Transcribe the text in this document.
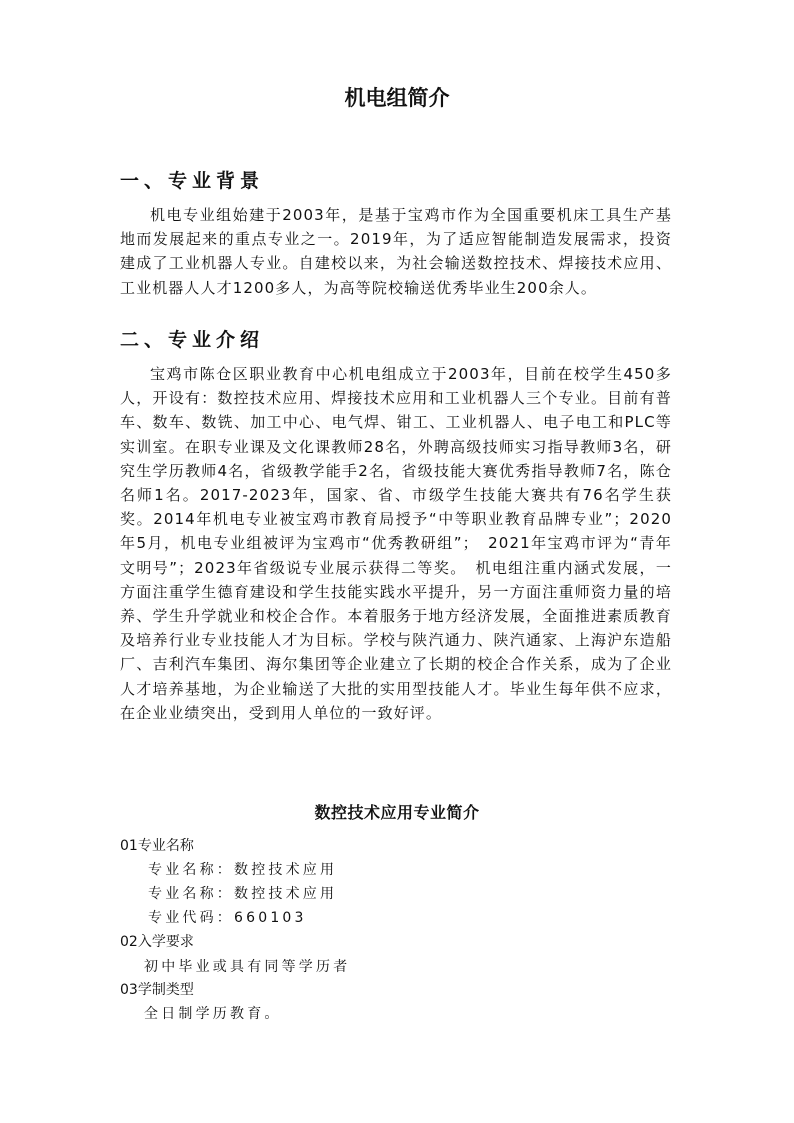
机电组简介
一、专业背景

机电专业组始建于2003年，是基于宝鸡市作为全国重要机床工具生产基地而发展起来的重点专业之一。2019年，为了适应智能制造发展需求，投资建成了工业机器人专业。自建校以来，为社会输送数控技术、焊接技术应用、工业机器人人才1200多人，为高等院校输送优秀毕业生200余人。

二、专业介绍

宝鸡市陈仓区职业教育中心机电组成立于2003年，目前在校学生450多人，开设有：数控技术应用、焊接技术应用和工业机器人三个专业。目前有普车、数车、数铣、加工中心、电气焊、钳工、工业机器人、电子电工和PLC等实训室。在职专业课及文化课教师28名，外聘高级技师实习指导教师3名，研究生学历教师4名，省级教学能手2名，省级技能大赛优秀指导教师7名，陈仓名师1名。2017-2023年，国家、省、市级学生技能大赛共有76名学生获奖。2014年机电专业被宝鸡市教育局授予“中等职业教育品牌专业”；2020年5月，机电专业组被评为宝鸡市“优秀教研组”；　2021年宝鸡市评为“青年文明号”；2023年省级说专业展示获得二等奖。　机电组注重内涵式发展，一方面注重学生德育建设和学生技能实践水平提升，另一方面注重师资力量的培养、学生升学就业和校企合作。本着服务于地方经济发展，全面推进素质教育及培养行业专业技能人才为目标。学校与陕汽通力、陕汽通家、上海沪东造船厂、吉利汽车集团、海尔集团等企业建立了长期的校企合作关系，成为了企业人才培养基地，为企业输送了大批的实用型技能人才。毕业生每年供不应求，在企业业绩突出，受到用人单位的一致好评。

数控技术应用专业简介
01专业名称
专业名称：数控技术应用
专业名称：数控技术应用
专业代码：660103
02入学要求
初中毕业或具有同等学历者
03学制类型
全日制学历教育。
